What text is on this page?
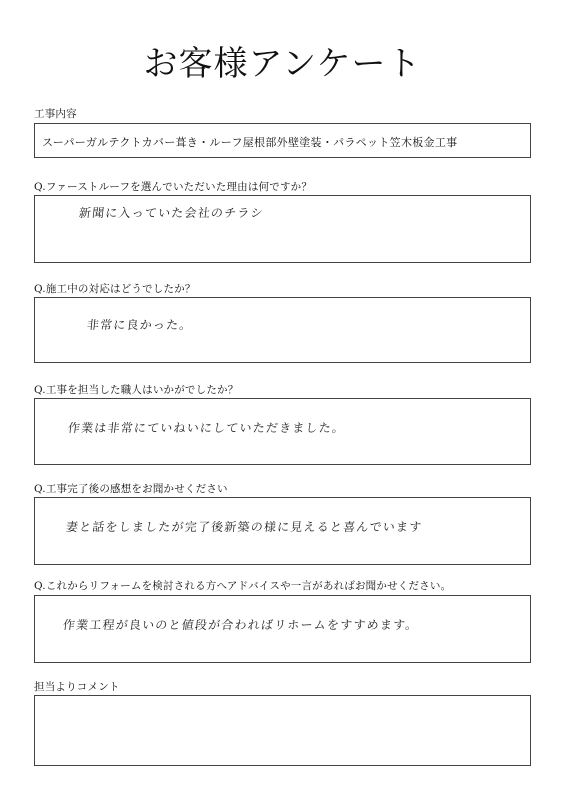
お客様アンケート
工事内容
スーパーガルテクトカバー葺き・ルーフ屋根部外壁塗装・パラペット笠木板金工事
Q.ファーストルーフを選んでいただいた理由は何ですか？
新聞に入っていた会社のチラシ
Q.施工中の対応はどうでしたか？
非常に良かった。
Q.工事を担当した職人はいかがでしたか？
作業は非常にていねいにしていただきました。
Q.工事完了後の感想をお聞かせください
妻と話をしましたが完了後新築の様に見えると喜んでいます
Q.これからリフォームを検討される方へアドバイスや一言があればお聞かせください。
作業工程が良いのと値段が合わればリホームをすすめます。
担当よりコメント
